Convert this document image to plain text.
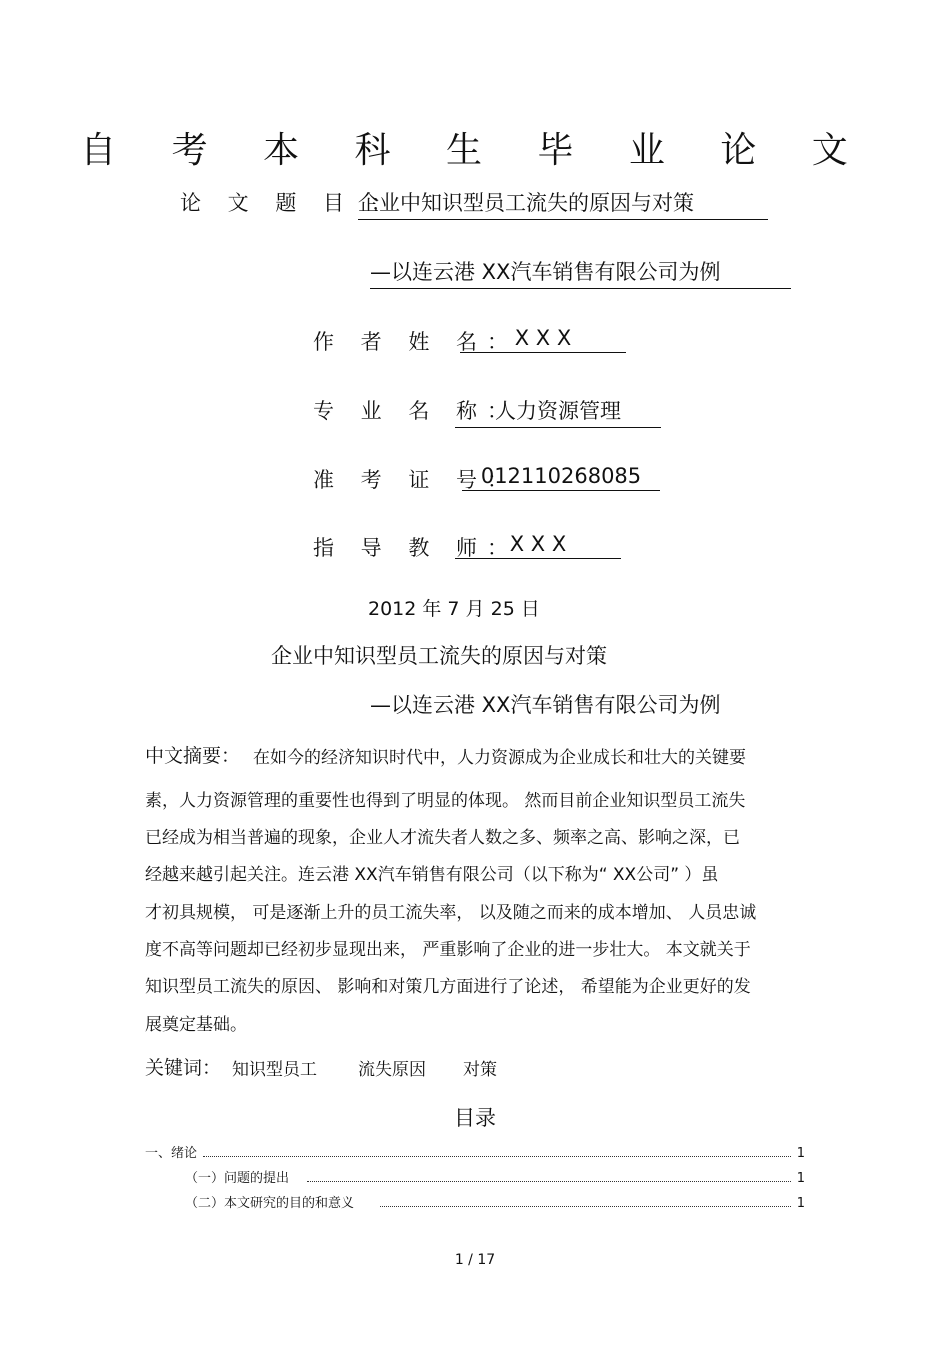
自 考 本 科 生 毕 业 论 文
论 文 题 目 ：
企业中知识型员工流失的原因与对策
—以连云港 XX汽车销售有限公司为例
作 者 姓 名：
X X X
专 业 名 称：
人力资源管理
准 考 证 号：
012110268085
指 导 教 师：
X X X
2012 年 7 月 25 日
企业中知识型员工流失的原因与对策
—以连云港 XX汽车销售有限公司为例
中文摘要： 在如今的经济知识时代中，人力资源成为企业成长和壮大的关键要
素，人力资源管理的重要性也得到了明显的体现。 然而目前企业知识型员工流失
已经成为相当普遍的现象，企业人才流失者人数之多、频率之高、影响之深，已
经越来越引起关注。连云港 XX汽车销售有限公司（以下称为“ XX公司” ）虽
才初具规模， 可是逐渐上升的员工流失率， 以及随之而来的成本增加、 人员忠诚
度不高等问题却已经初步显现出来， 严重影响了企业的进一步壮大。 本文就关于
知识型员工流失的原因、 影响和对策几方面进行了论述， 希望能为企业更好的发
展奠定基础。
关键词： 知识型员工 流失原因 对策
目录
一、绪论	1
（一）问题的提出	1
（二）本文研究的目的和意义	1
1 / 17
